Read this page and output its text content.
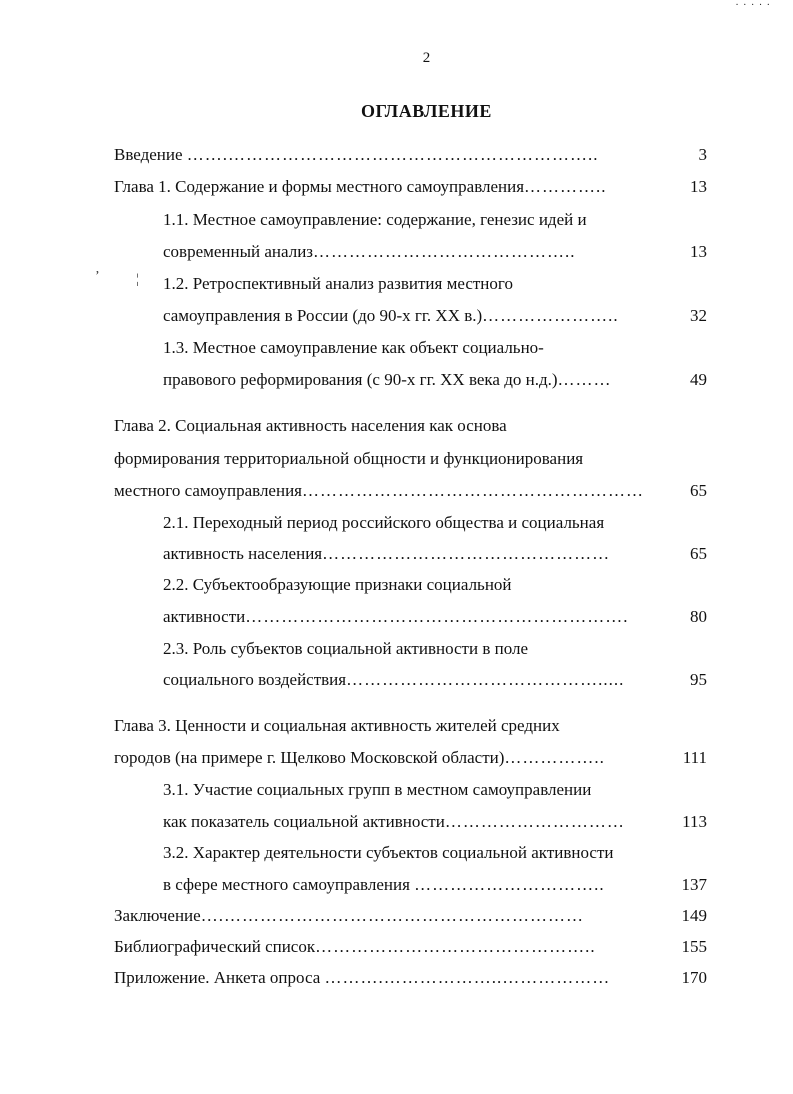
· · · · ·
2
ОГЛАВЛЕНИЕ
Введение …….……………………………………………………..	3
Глава 1. Содержание и формы местного самоуправления…………..	13
1.1. Местное самоуправление: содержание, генезис идей и
современный анализ……………………………………..	13
ʼ	¦ 1.2. Ретроспективный анализ развития местного
самоуправления в России (до 90-х гг. XX в.)…………………..	32
1.3. Местное самоуправление как объект социально-
правового реформирования (с 90-х гг. XX века до н.д.)………	49
Глава 2. Социальная активность населения как основа
формирования территориальной общности и функционирования
местного самоуправления…………………………………………………	65
2.1. Переходный период российского общества и социальная
активность населения…………………………………………	65
2.2. Субъектообразующие признаки социальной
активности……………………………………………………….	80
2.3. Роль субъектов социальной активности в поле
социального воздействия…………………………………….....	95
Глава 3. Ценности и социальная активность жителей средних
городов (на примере г. Щелково Московской области)……………..	111
3.1. Участие социальных групп в местном самоуправлении
как показатель социальной активности…………………………	113
3.2. Характер деятельности субъектов социальной активности
в сфере местного самоуправления …………………………..	137
Заключение….……………………………………………………	149
Библиографический список………………………………………..	155
Приложение. Анкета опроса ……….………………..………………	170
